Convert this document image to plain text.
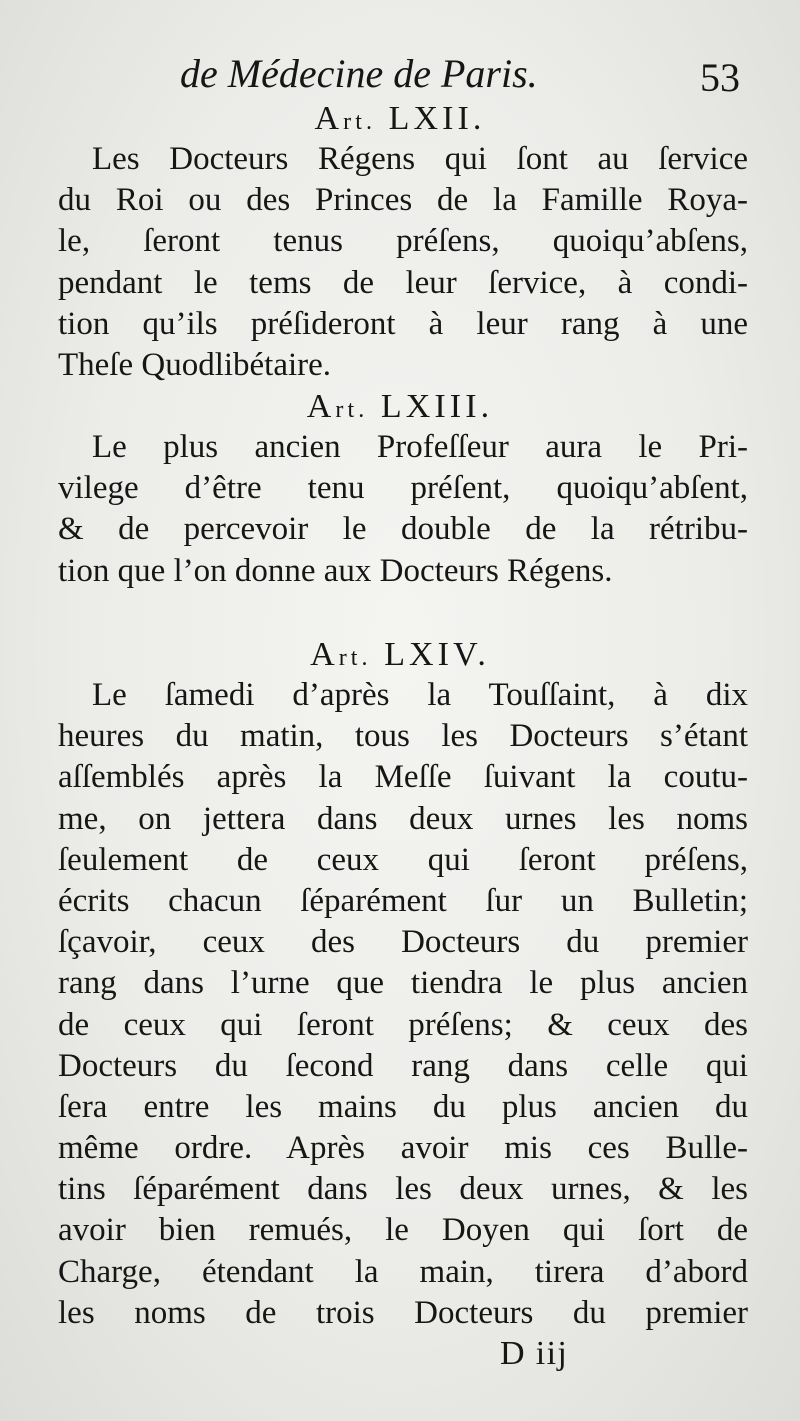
de Médecine de Paris.	53
Art. LXII.
Les Docteurs Régens qui ſont au ſervice
du Roi ou des Princes de la Famille Roya-
le, ſeront tenus préſens, quoiqu’abſens,
pendant le tems de leur ſervice, à condi-
tion qu’ils préſideront à leur rang à une
Theſe Quodlibétaire.
Art. LXIII.
Le plus ancien Profeſſeur aura le Pri-
vilege d’être tenu préſent, quoiqu’abſent,
& de percevoir le double de la rétribu-
tion que l’on donne aux Docteurs Régens.
Art. LXIV.
Le ſamedi d’après la Touſſaint, à dix
heures du matin, tous les Docteurs s’étant
aſſemblés après la Meſſe ſuivant la coutu-
me, on jettera dans deux urnes les noms
ſeulement de ceux qui ſeront préſens,
écrits chacun ſéparément ſur un Bulletin;
ſçavoir, ceux des Docteurs du premier
rang dans l’urne que tiendra le plus ancien
de ceux qui ſeront préſens; & ceux des
Docteurs du ſecond rang dans celle qui
ſera entre les mains du plus ancien du
même ordre. Après avoir mis ces Bulle-
tins ſéparément dans les deux urnes, & les
avoir bien remués, le Doyen qui ſort de
Charge, étendant la main, tirera d’abord
les noms de trois Docteurs du premier
D iij
